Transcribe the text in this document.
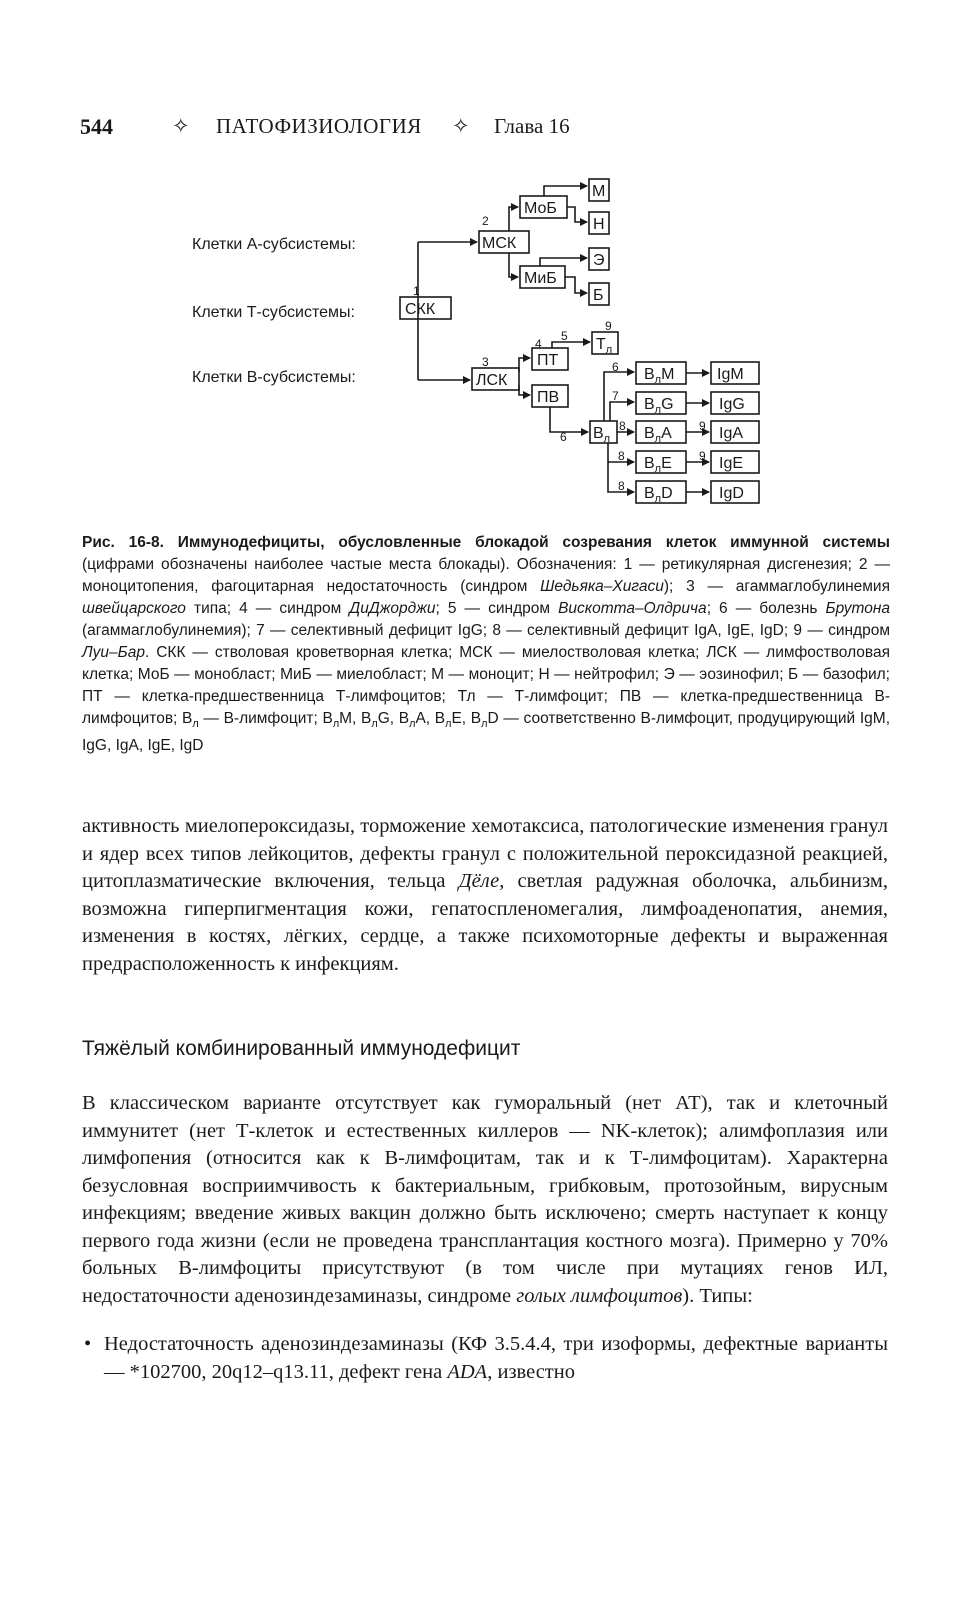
544	✧ ПАТОФИЗИОЛОГИЯ ✧ Глава 16
Клетки А-субсистемы:
Клетки Т-субсистемы:
Клетки В-субсистемы:
СКК
МСК
ЛСК
МоБ
МиБ
М
Н
Э
Б
ПТ
ПВ
$Т_л$
$В_л$
$В_лM$
$В_лG$
$В_лA$
$В_лE$
$В_лD$
IgM
IgG
IgA
IgE
IgD
1
2
3
4
5
6
7
8
8
8
6
9
9
9
Рис. 16-8. Иммунодефициты, обусловленные блокадой созревания клеток иммунной системы (цифрами обозначены наиболее частые места блокады). Обозначения: 1 — ретикулярная дисгенезия; 2 — моноцитопения, фагоцитарная недостаточность (синдром Шедьяка–Хигаси); 3 — агаммаглобулинемия швейцарского типа; 4 — синдром ДиДжорджи; 5 — синдром Вискотта–Олдрича; 6 — болезнь Брутона (агаммаглобулинемия); 7 — селективный дефицит IgG; 8 — селективный дефицит IgA, IgE, IgD; 9 — синдром Луи–Бар. СКК — стволовая кроветворная клетка; МСК — миелостволовая клетка; ЛСК — лимфостволовая клетка; МоБ — монобласт; МиБ — миелобласт; М — моноцит; Н — нейтрофил; Э — эозинофил; Б — базофил; ПТ — клетка-предшественница Т-лимфоцитов; Тл — Т-лимфоцит; ПВ — клетка-предшественница В-лимфоцитов; $В_л$ — В-лимфоцит; $В_лM$, $В_лG$, $В_лA$, $В_лE$, $В_лD$ — соответственно В-лимфоцит, продуцирующий IgM, IgG, IgA, IgE, IgD
активность миелопероксидазы, торможение хемотаксиса, патологические изменения гранул и ядер всех типов лейкоцитов, дефекты гранул с положительной пероксидазной реакцией, цитоплазматические включения, тельца Дёле, светлая радужная оболочка, альбинизм, возможна гиперпигментация кожи, гепатоспленомегалия, лимфоаденопатия, анемия, изменения в костях, лёгких, сердце, а также психомоторные дефекты и выраженная предрасположенность к инфекциям.
Тяжёлый комбинированный иммунодефицит
В классическом варианте отсутствует как гуморальный (нет АТ), так и клеточный иммунитет (нет Т-клеток и естественных киллеров — NK-клеток); алимфоплазия или лимфопения (относится как к В-лимфоцитам, так и к Т-лимфоцитам). Характерна безусловная восприимчивость к бактериальным, грибковым, протозойным, вирусным инфекциям; введение живых вакцин должно быть исключено; смерть наступает к концу первого года жизни (если не проведена трансплантация костного мозга). Примерно у 70% больных В-лимфоциты присутствуют (в том числе при мутациях генов ИЛ, недостаточности аденозиндезаминазы, синдроме голых лимфоцитов). Типы:
• Недостаточность аденозиндезаминазы (КФ 3.5.4.4, три изоформы, дефектные варианты — *102700, 20q12–q13.11, дефект гена ADA, известно
